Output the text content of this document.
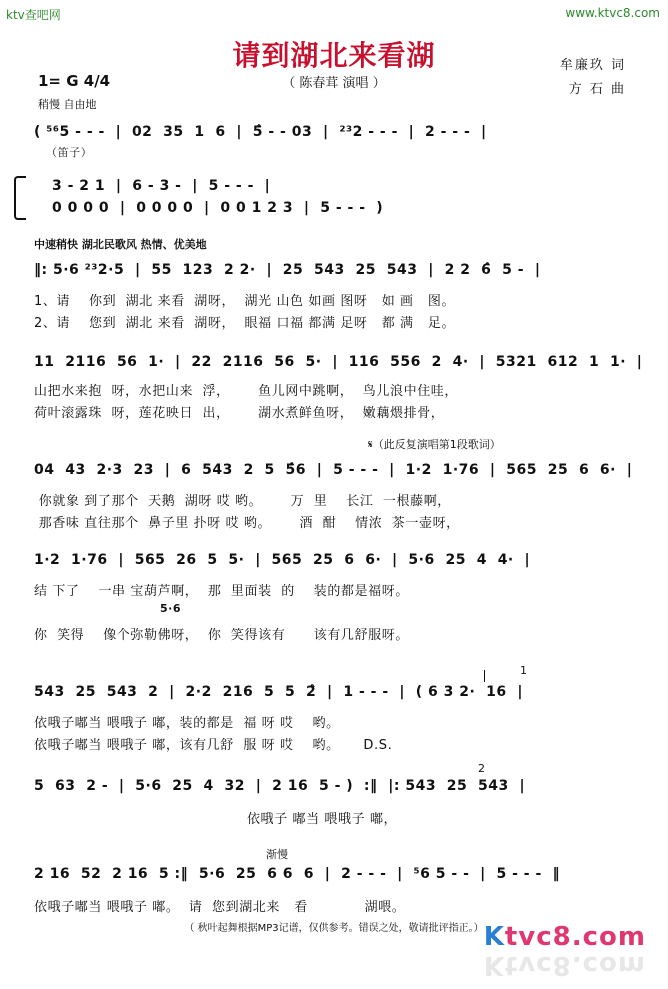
ktv查吧网	www.ktvc8.com
请到湖北来看湖
（ 陈春茸 演唱 ）
牟廉玖 词
方 石 曲
1= G 4/4
稍慢 自由地
( ⁵⁶5 - - -  |  02  35  1  6  |  5̂ - - 03  |  ²³2 - - -  |  2 - - -  |
（笛子）
3 - 2 1  |  6 - 3 -  |  5 - - -  |
0 0 0 0  |  0 0 0 0  |  0 0 1 2 3  |  5 - - -  )
中速稍快 湖北民歌风 热情、优美地
‖: 5·6 ²³2·5  |  55  123  2 2·  |  25  543  25  543  |  2 2  6̂  5 -  |
1、请    你到  湖北 来看  湖呀，  湖光 山色 如画 图呀   如 画   图。
2、请    您到  湖北 来看  湖呀，  眼福 口福 都满 足呀   都 满   足。
11  2116  56  1·  |  22  2116  56  5·  |  116  556  2  4·  |  5321  612  1  1·  |
山把水来抱  呀，水把山来  浮，      鱼儿网中跳啊，  鸟儿浪中住哇，
荷叶滚露珠  呀，莲花映日  出，      湖水煮鲜鱼呀，  嫩藕煨排骨，
𝄋（此反复演唱第1段歌词）
04  43  2·3  23  |  6  543  2  5  5̂6  |  5 - - -  |  1·2  1·76  |  565  25  6  6·  |
你就象 到了那个  天鹅  湖呀 哎 哟。      万  里    长江  一根藤啊，
那香味 直往那个  鼻子里 扑呀 哎 哟。      酒  酣    情浓  茶一壶呀，
1·2  1·76  |  565  26  5  5·  |  565  25  6  6·  |  5·6  25  4  4·  |
结 下了    一串 宝葫芦啊，  那  里面装  的    装的都是福呀。
5·6
你  笑得    像个弥勒佛呀，  你  笑得该有      该有几舒服呀。
1
543  25  543  2  |  2·2  216  5  5  2̂  |  1 - - -  |  ( 6 3 2·  16  |
依哦子嘟当 喂哦子 嘟，装的都是  福 呀 哎    哟。
依哦子嘟当 喂哦子 嘟，该有几舒  服 呀 哎    哟。     D.S.
2
5  63  2 -  |  5·6  25  4  32  |  2 16  5 - )  :‖  |: 543  25  543  |
依哦子 嘟当 喂哦子 嘟，
渐慢
2 16  52  2 16  5 :‖  5·6  25  6 6  6  |  2 - - -  |  ⁵6 5 - -  |  5 - - -  ‖
依哦子嘟当 喂哦子 嘟。  请  您到湖北来   看            湖喂。
（ 秋叶起舞根据MP3记谱，仅供参考。错误之处，敬请批评指正。） Ktvc8.com
Ktvc8.com
